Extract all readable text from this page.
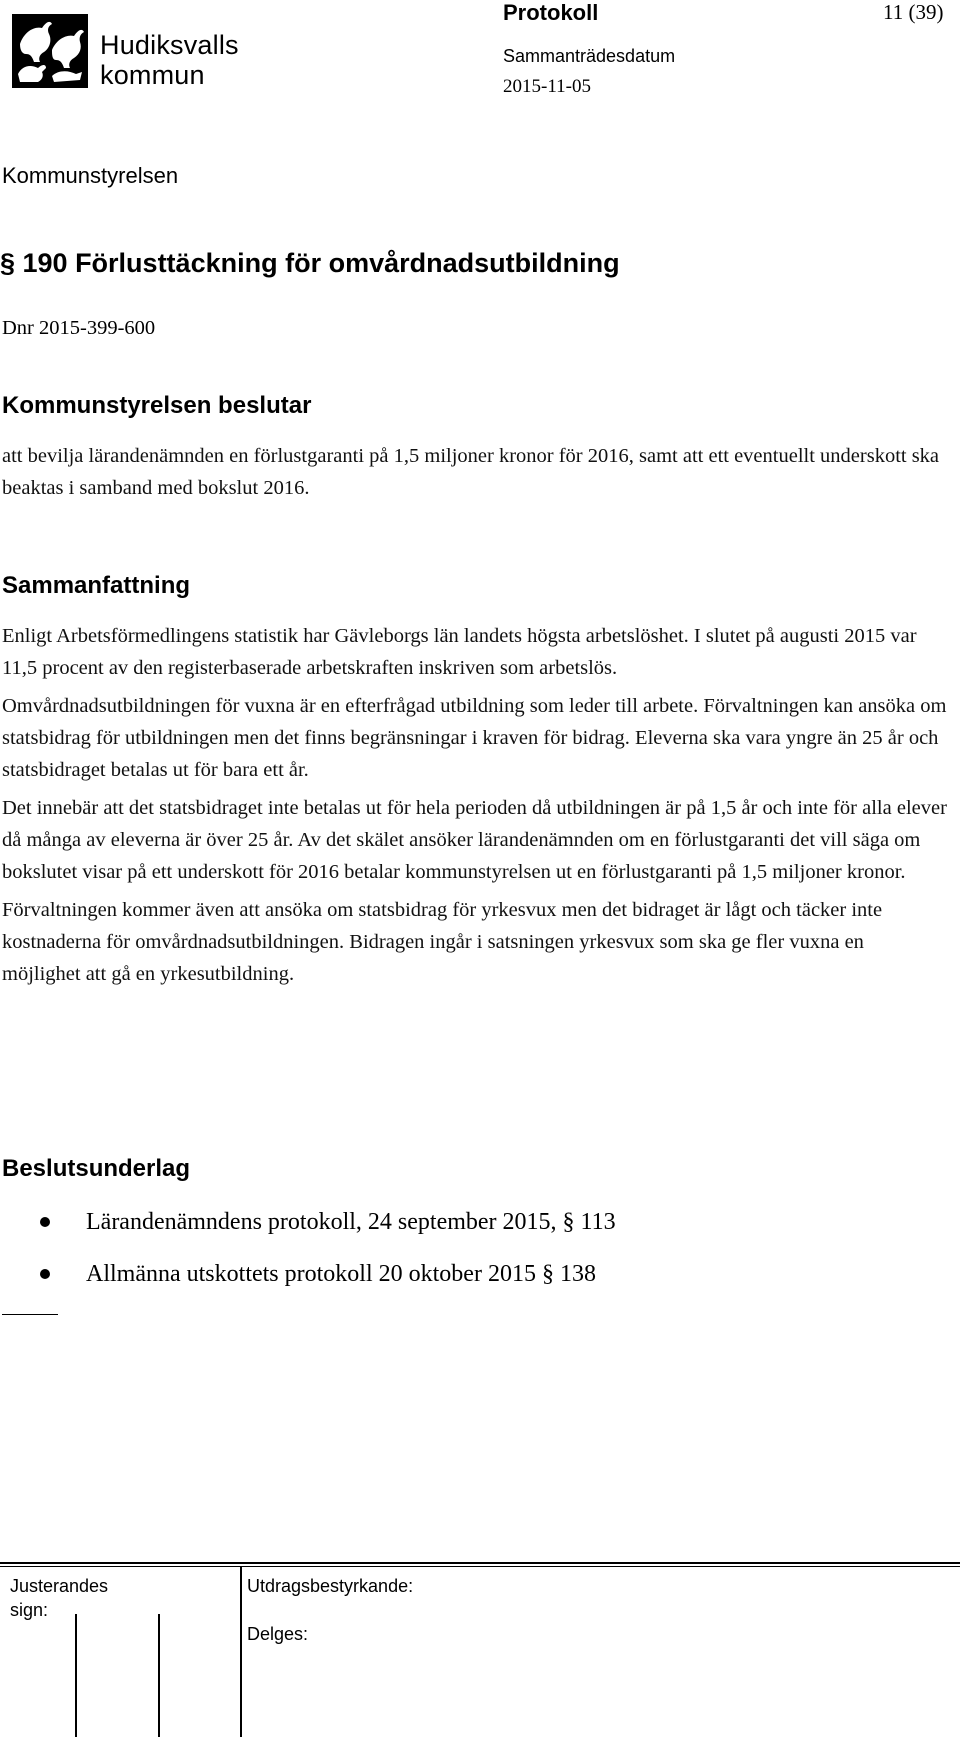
Hudiksvalls
kommun
Protokoll	11 (39)
Sammanträdesdatum
2015-11-05
Kommunstyrelsen
§ 190 Förlusttäckning för omvårdnadsutbildning
Dnr 2015-399-600
Kommunstyrelsen beslutar
att bevilja lärandenämnden en förlustgaranti på 1,5 miljoner kronor för 2016, samt att ett eventuellt underskott ska beaktas i samband med bokslut 2016.
Sammanfattning

Enligt Arbetsförmedlingens statistik har Gävleborgs län landets högsta arbetslöshet. I slutet på augusti 2015 var 11,5 procent av den registerbaserade arbetskraften inskriven som arbetslös.

Omvårdnadsutbildningen för vuxna är en efterfrågad utbildning som leder till arbete. Förvaltningen kan ansöka om statsbidrag för utbildningen men det finns begränsningar i kraven för bidrag. Eleverna ska vara yngre än 25 år och statsbidraget betalas ut för bara ett år.

Det innebär att det statsbidraget inte betalas ut för hela perioden då utbildningen är på 1,5 år och inte för alla elever då många av eleverna är över 25 år. Av det skälet ansöker lärandenämnden om en förlustgaranti det vill säga om bokslutet visar på ett underskott för 2016 betalar kommunstyrelsen ut en förlustgaranti på 1,5 miljoner kronor.

Förvaltningen kommer även att ansöka om statsbidrag för yrkesvux men det bidraget är lågt och täcker inte kostnaderna för omvårdnadsutbildningen. Bidragen ingår i satsningen yrkesvux som ska ge fler vuxna en möjlighet att gå en yrkesutbildning.

Beslutsunderlag
Lärandenämndens protokoll, 24 september 2015, § 113
Allmänna utskottets protokoll 20 oktober 2015 § 138
Justerandes sign:
Utdragsbestyrkande:
Delges:
